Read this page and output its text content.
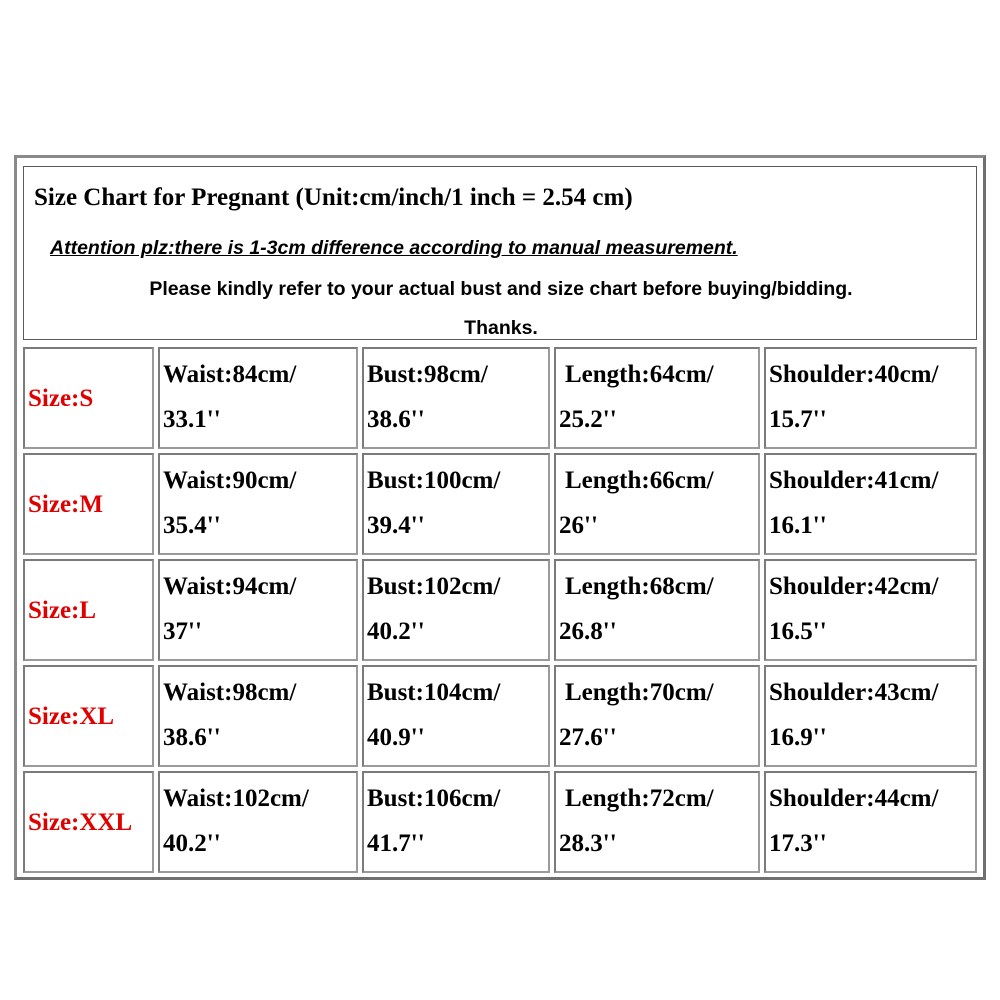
Size Chart for Pregnant (Unit:cm/inch/1 inch = 2.54 cm)
Attention plz:there is 1-3cm difference according to manual measurement.
Please kindly refer to your actual bust and size chart before buying/bidding.
Thanks.
Size:S
Waist:84cm/
33.1''
Bust:98cm/
38.6''
Length:64cm/
25.2''
Shoulder:40cm/
15.7''
Size:M
Waist:90cm/
35.4''
Bust:100cm/
39.4''
Length:66cm/
26''
Shoulder:41cm/
16.1''
Size:L
Waist:94cm/
37''
Bust:102cm/
40.2''
Length:68cm/
26.8''
Shoulder:42cm/
16.5''
Size:XL
Waist:98cm/
38.6''
Bust:104cm/
40.9''
Length:70cm/
27.6''
Shoulder:43cm/
16.9''
Size:XXL
Waist:102cm/
40.2''
Bust:106cm/
41.7''
Length:72cm/
28.3''
Shoulder:44cm/
17.3''
